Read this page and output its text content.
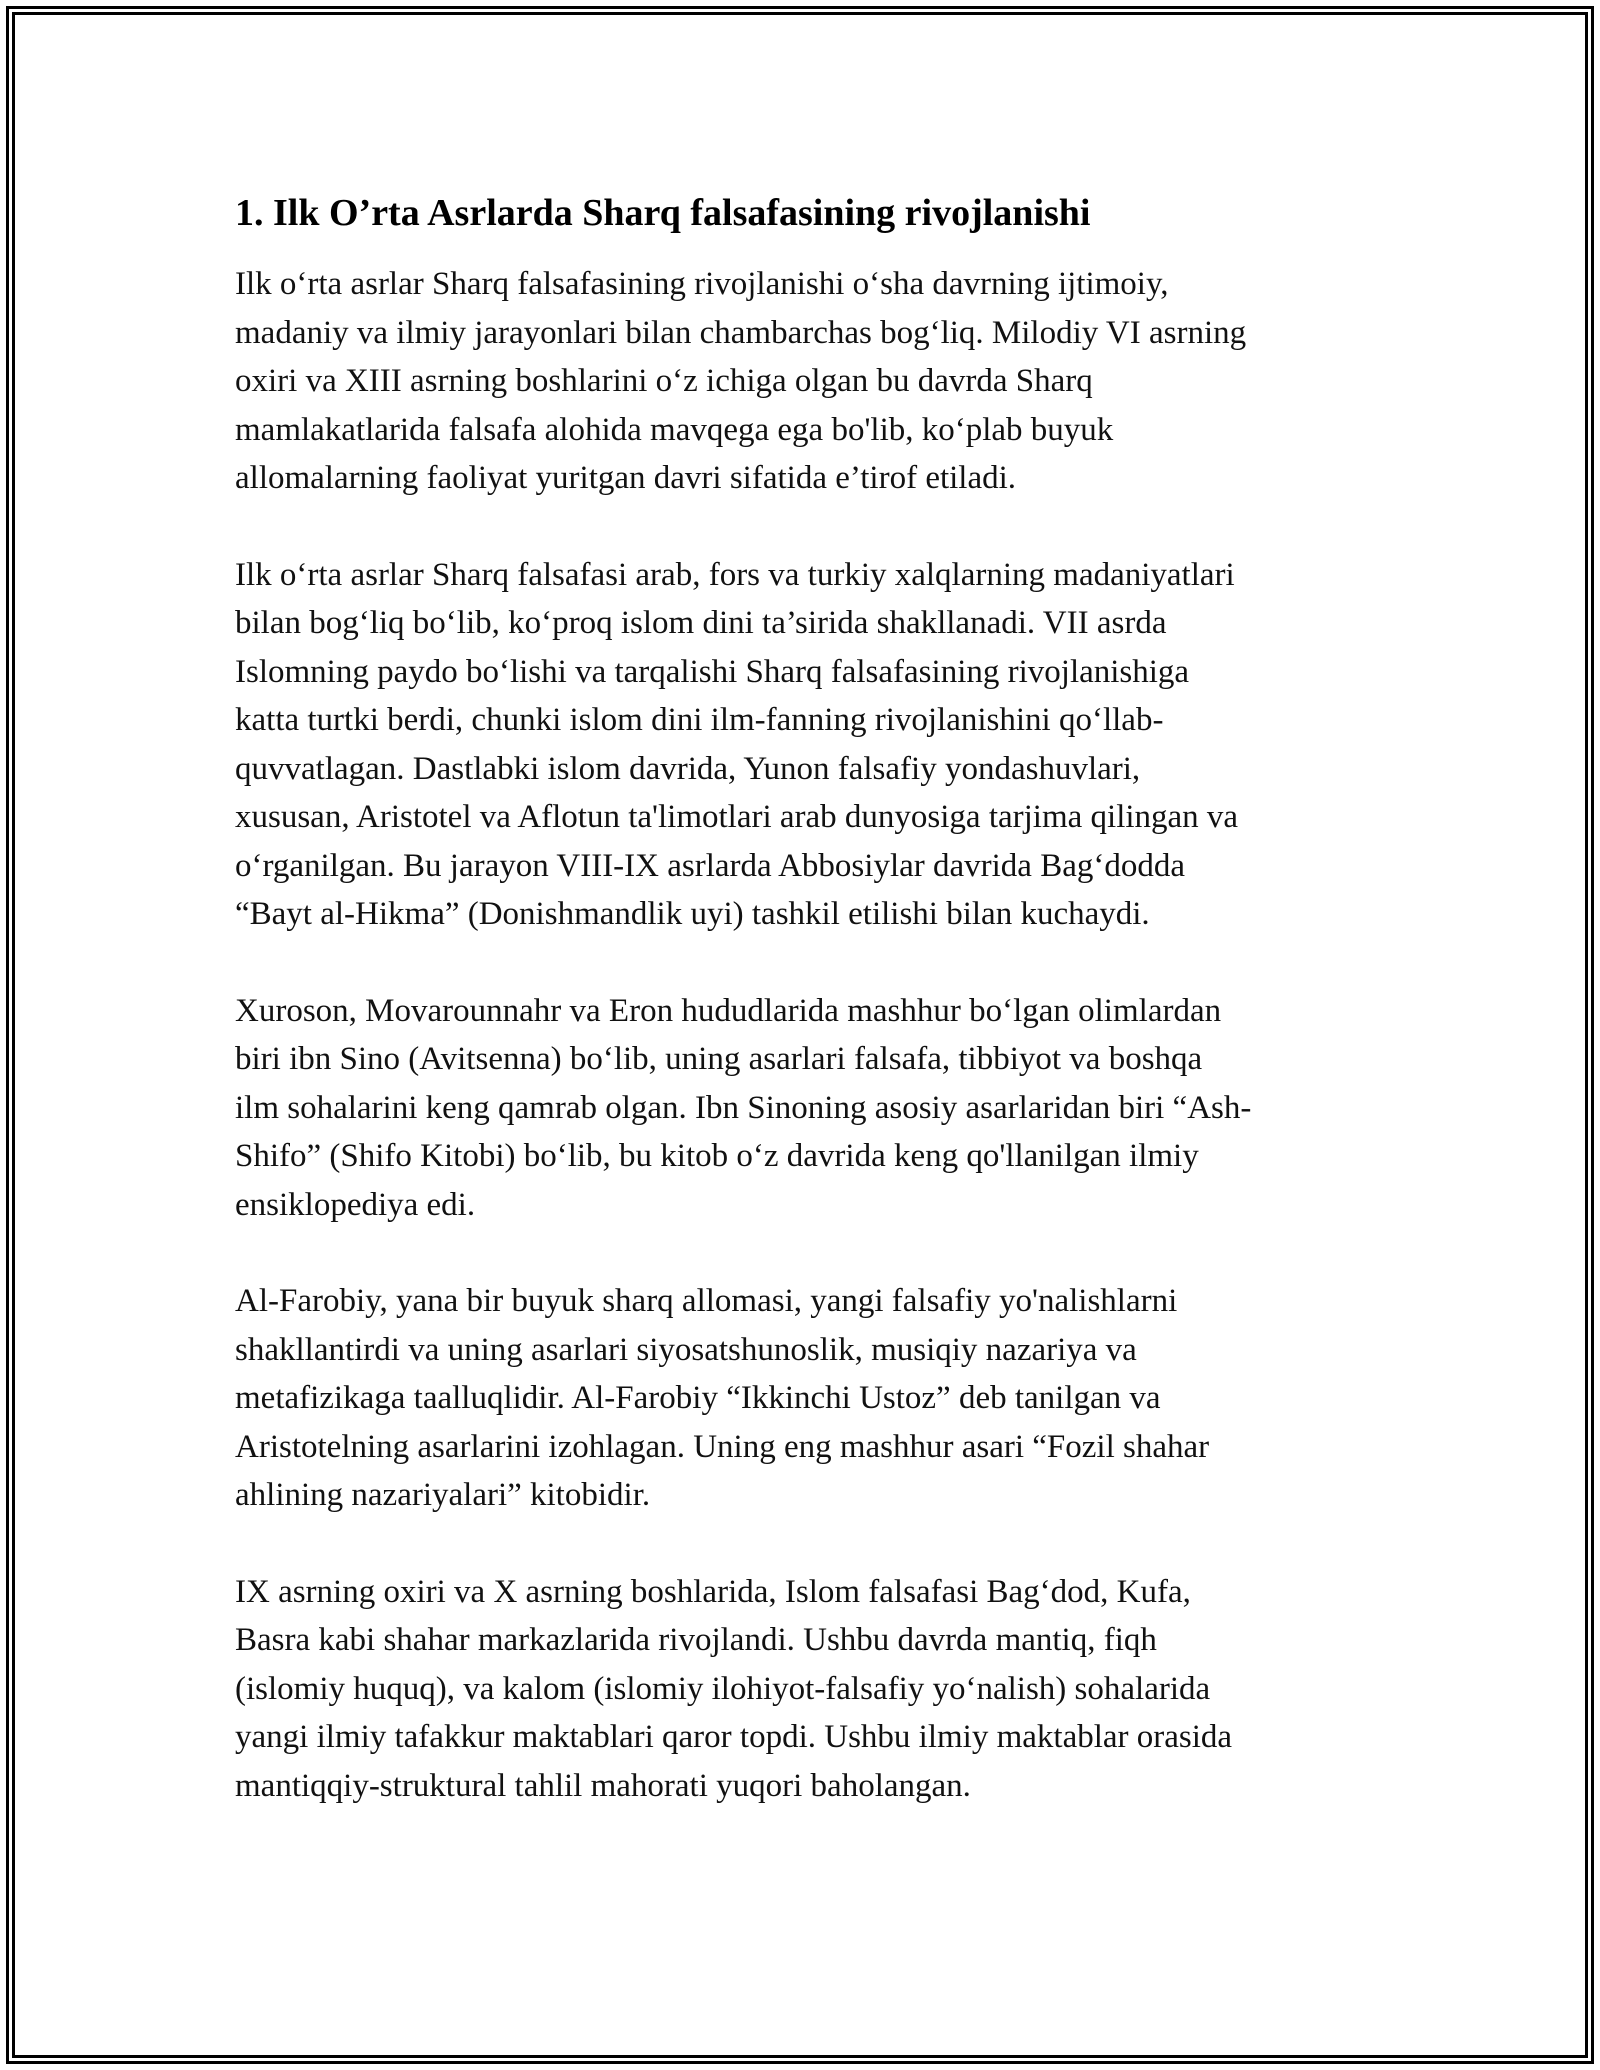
1. Ilk O’rta Asrlarda Sharq falsafasining rivojlanishi

Ilk o‘rta asrlar Sharq falsafasining rivojlanishi o‘sha davrning ijtimoiy,
madaniy va ilmiy jarayonlari bilan chambarchas bog‘liq. Milodiy VI asrning
oxiri va XIII asrning boshlarini o‘z ichiga olgan bu davrda Sharq
mamlakatlarida falsafa alohida mavqega ega bo'lib, ko‘plab buyuk
allomalarning faoliyat yuritgan davri sifatida e’tirof etiladi.

Ilk o‘rta asrlar Sharq falsafasi arab, fors va turkiy xalqlarning madaniyatlari
bilan bog‘liq bo‘lib, ko‘proq islom dini ta’sirida shakllanadi. VII asrda
Islomning paydo bo‘lishi va tarqalishi Sharq falsafasining rivojlanishiga
katta turtki berdi, chunki islom dini ilm-fanning rivojlanishini qo‘llab-
quvvatlagan. Dastlabki islom davrida, Yunon falsafiy yondashuvlari,
xususan, Aristotel va Aflotun ta'limotlari arab dunyosiga tarjima qilingan va
o‘rganilgan. Bu jarayon VIII-IX asrlarda Abbosiylar davrida Bag‘dodda
“Bayt al-Hikma” (Donishmandlik uyi) tashkil etilishi bilan kuchaydi.

Xuroson, Movarounnahr va Eron hududlarida mashhur bo‘lgan olimlardan
biri ibn Sino (Avitsenna) bo‘lib, uning asarlari falsafa, tibbiyot va boshqa
ilm sohalarini keng qamrab olgan. Ibn Sinoning asosiy asarlaridan biri “Ash-
Shifo” (Shifo Kitobi) bo‘lib, bu kitob o‘z davrida keng qo'llanilgan ilmiy
ensiklopediya edi.

Al-Farobiy, yana bir buyuk sharq allomasi, yangi falsafiy yo'nalishlarni
shakllantirdi va uning asarlari siyosatshunoslik, musiqiy nazariya va
metafizikaga taalluqlidir. Al-Farobiy “Ikkinchi Ustoz” deb tanilgan va
Aristotelning asarlarini izohlagan. Uning eng mashhur asari “Fozil shahar
ahlining nazariyalari” kitobidir.

IX asrning oxiri va X asrning boshlarida, Islom falsafasi Bag‘dod, Kufa,
Basra kabi shahar markazlarida rivojlandi. Ushbu davrda mantiq, fiqh
(islomiy huquq), va kalom (islomiy ilohiyot-falsafiy yo‘nalish) sohalarida
yangi ilmiy tafakkur maktablari qaror topdi. Ushbu ilmiy maktablar orasida
mantiqqiy-struktural tahlil mahorati yuqori baholangan.
